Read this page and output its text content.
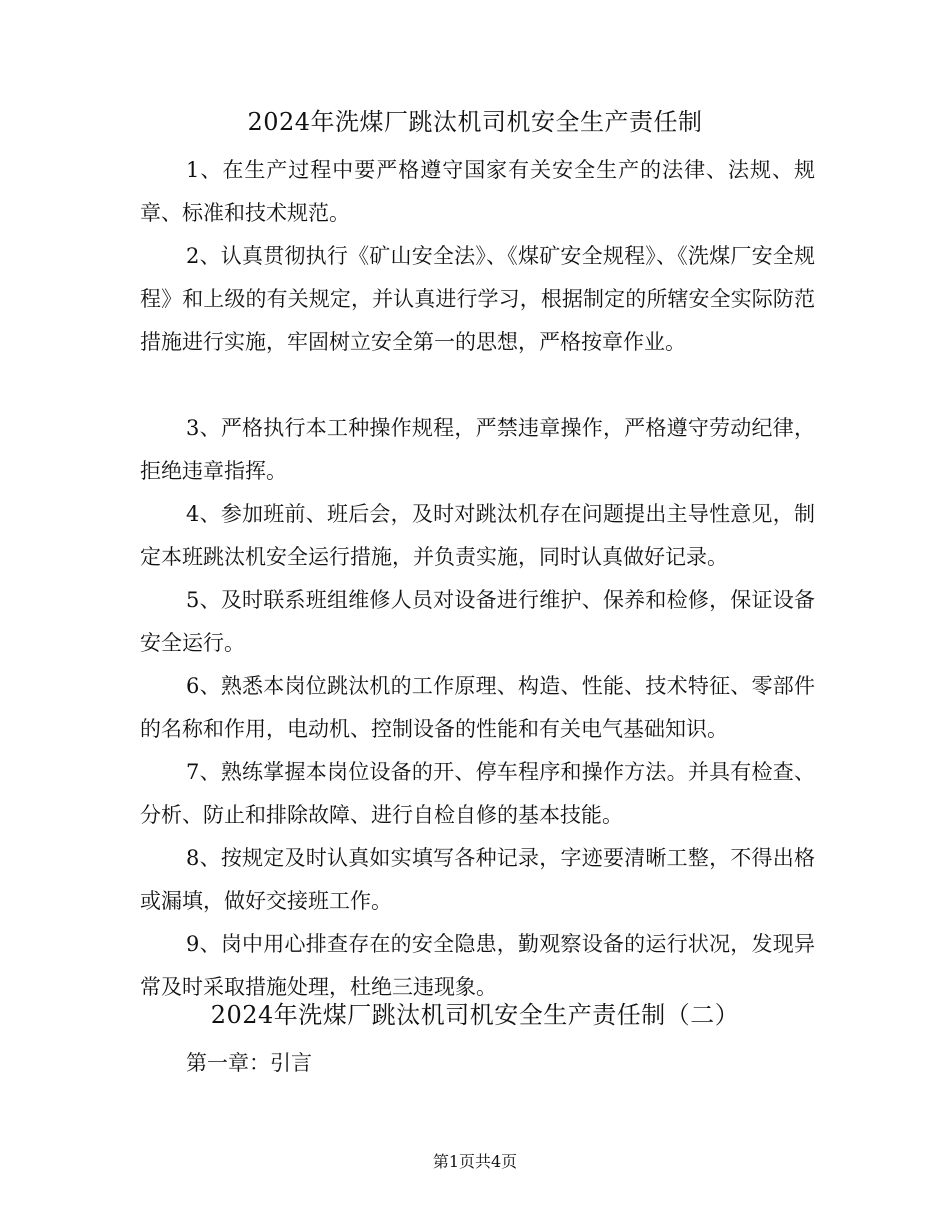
2024年洗煤厂跳汰机司机安全生产责任制

1、在生产过程中要严格遵守国家有关安全生产的法律、法规、规章、标准和技术规范。

2、认真贯彻执行《矿山安全法》、《煤矿安全规程》、《洗煤厂安全规程》和上级的有关规定，并认真进行学习，根据制定的所辖安全实际防范措施进行实施，牢固树立安全第一的思想，严格按章作业。

3、严格执行本工种操作规程，严禁违章操作，严格遵守劳动纪律，拒绝违章指挥。

4、参加班前、班后会，及时对跳汰机存在问题提出主导性意见，制定本班跳汰机安全运行措施，并负责实施，同时认真做好记录。

5、及时联系班组维修人员对设备进行维护、保养和检修，保证设备安全运行。

6、熟悉本岗位跳汰机的工作原理、构造、性能、技术特征、零部件的名称和作用，电动机、控制设备的性能和有关电气基础知识。

7、熟练掌握本岗位设备的开、停车程序和操作方法。并具有检查、分析、防止和排除故障、进行自检自修的基本技能。

8、按规定及时认真如实填写各种记录，字迹要清晰工整，不得出格或漏填，做好交接班工作。

9、岗中用心排查存在的安全隐患，勤观察设备的运行状况，发现异常及时采取措施处理，杜绝三违现象。

2024年洗煤厂跳汰机司机安全生产责任制（二）
第一章：引言
第1页共4页
